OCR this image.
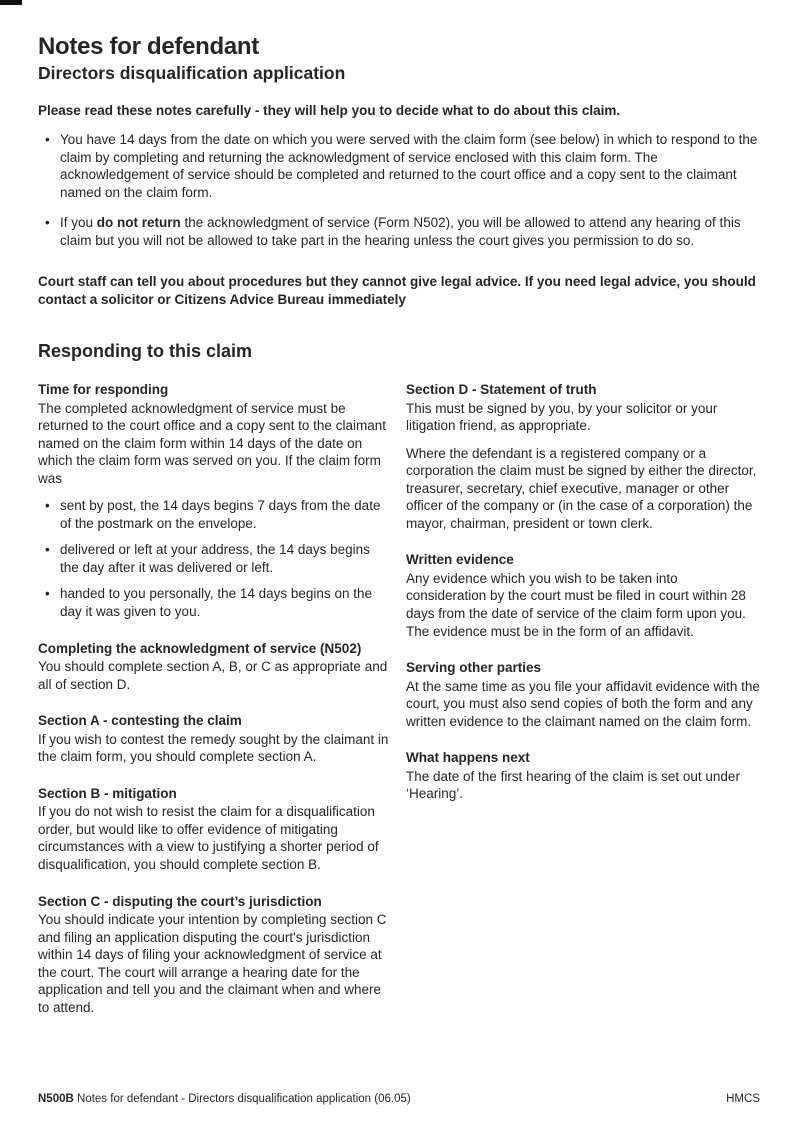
Notes for defendant
Directors disqualification application
Please read these notes carefully - they will help you to decide what to do about this claim.
• You have 14 days from the date on which you were served with the claim form (see below) in which to respond to the claim by completing and returning the acknowledgment of service enclosed with this claim form. The acknowledgement of service should be completed and returned to the court office and a copy sent to the claimant named on the claim form.
• If you do not return the acknowledgment of service (Form N502), you will be allowed to attend any hearing of this claim but you will not be allowed to take part in the hearing unless the court gives you permission to do so.
Court staff can tell you about procedures but they cannot give legal advice. If you need legal advice, you should contact a solicitor or Citizens Advice Bureau immediately
Responding to this claim
Time for responding

The completed acknowledgment of service must be returned to the court office and a copy sent to the claimant named on the claim form within 14 days of the date on which the claim form was served on you. If the claim form was

• sent by post, the 14 days begins 7 days from the date of the postmark on the envelope.
• delivered or left at your address, the 14 days begins the day after it was delivered or left.
• handed to you personally, the 14 days begins on the day it was given to you.
Completing the acknowledgment of service (N502)

You should complete section A, B, or C as appropriate and all of section D.

Section A - contesting the claim

If you wish to contest the remedy sought by the claimant in the claim form, you should complete section A.

Section B - mitigation

If you do not wish to resist the claim for a disqualification order, but would like to offer evidence of mitigating circumstances with a view to justifying a shorter period of disqualification, you should complete section B.

Section C - disputing the court’s jurisdiction

You should indicate your intention by completing section C and filing an application disputing the court's jurisdiction within 14 days of filing your acknowledgment of service at the court. The court will arrange a hearing date for the application and tell you and the claimant when and where to attend.

Section D - Statement of truth

This must be signed by you, by your solicitor or your litigation friend, as appropriate.

Where the defendant is a registered company or a corporation the claim must be signed by either the director, treasurer, secretary, chief executive, manager or other officer of the company or (in the case of a corporation) the mayor, chairman, president or town clerk.

Written evidence

Any evidence which you wish to be taken into consideration by the court must be filed in court within 28 days from the date of service of the claim form upon you. The evidence must be in the form of an affidavit.

Serving other parties

At the same time as you file your affidavit evidence with the court, you must also send copies of both the form and any written evidence to the claimant named on the claim form.

What happens next

The date of the first hearing of the claim is set out under ‘Hearing’.

N500B Notes for defendant - Directors disqualification application (06.05)	HMCS
